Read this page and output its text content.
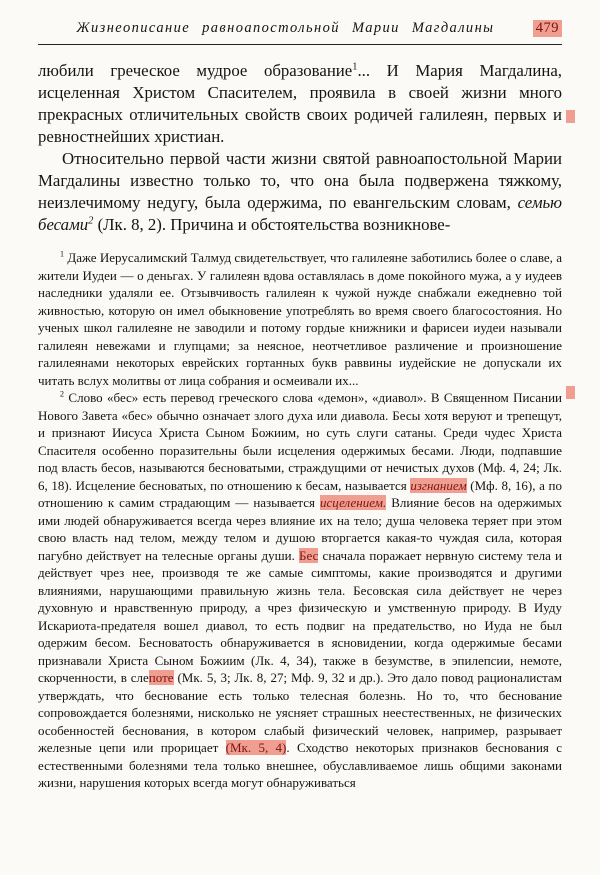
Жизнеописание равноапостольной Марии Магдалины	479

любили греческое мудрое образование$^1$... И Мария Магдалина, исцеленная Христом Спасителем, проявила в своей жизни много прекрасных отличительных свойств своих родичей галилеян, первых и ревностнейших христиан.

Относительно первой части жизни святой равноапостольной Марии Магдалины известно только то, что она была подвержена тяжкому, неизлечимому недугу, была одержима, по евангельским словам, семью бесами$^2$ (Лк. 8, 2). Причина и обстоятельства возникнове-

$^1$ Даже Иерусалимский Талмуд свидетельствует, что галилеяне заботились более о славе, а жители Иудеи — о деньгах. У галилеян вдова оставлялась в доме покойного мужа, а у иудеев наследники удаляли ее. Отзывчивость галилеян к чужой нужде снабжали ежедневно той живностью, которую он имел обыкновение употреблять во время своего благосостояния. Но ученых школ галилеяне не заводили и потому гордые книжники и фарисеи иудеи называли галилеян невежами и глупцами; за неясное, неотчетливое различение и произношение галилеянами некоторых еврейских гортанных букв раввины иудейские не допускали их читать вслух молитвы от лица собрания и осмеивали их...

$^2$ Слово «бес» есть перевод греческого слова «демон», «диавол». В Священном Писании Нового Завета «бес» обычно означает злого духа или диавола. Бесы хотя веруют и трепещут, и признают Иисуса Христа Сыном Божиим, но суть слуги сатаны. Среди чудес Христа Спасителя особенно поразительны были исцеления одержимых бесами. Люди, подпавшие под власть бесов, называются бесноватыми, страждущими от нечистых духов (Мф. 4, 24; Лк. 6, 18). Исцеление бесноватых, по отношению к бесам, называется изгнанием (Мф. 8, 16), а по отношению к самим страдающим — называется исцелением. Влияние бесов на одержимых ими людей обнаруживается всегда через влияние их на тело; душа человека теряет при этом свою власть над телом, между телом и душою вторгается какая-то чуждая сила, которая пагубно действует на телесные органы души. Бес сначала поражает нервную систему тела и действует чрез нее, производя те же самые симптомы, какие производятся и другими влияниями, нарушающими правильную жизнь тела. Бесовская сила действует не через духовную и нравственную природу, а чрез физическую и умственную природу. В Иуду Искариота-предателя вошел диавол, то есть подвиг на предательство, но Иуда не был одержим бесом. Бесноватость обнаруживается в ясновидении, когда одержимые бесами признавали Христа Сыном Божиим (Лк. 4, 34), также в безумстве, в эпилепсии, немоте, скорченности, в слепоте (Мк. 5, 3; Лк. 8, 27; Мф. 9, 32 и др.). Это дало повод рационалистам утверждать, что беснование есть только телесная болезнь. Но то, что беснование сопровождается болезнями, нисколько не уясняет страшных неестественных, не физических особенностей беснования, в котором слабый физический человек, например, разрывает железные цепи или прорицает (Мк. 5, 4). Сходство некоторых признаков беснования с естественными болезнями тела только внешнее, обуславливаемое лишь общими законами жизни, нарушения которых всегда могут обнаруживаться
